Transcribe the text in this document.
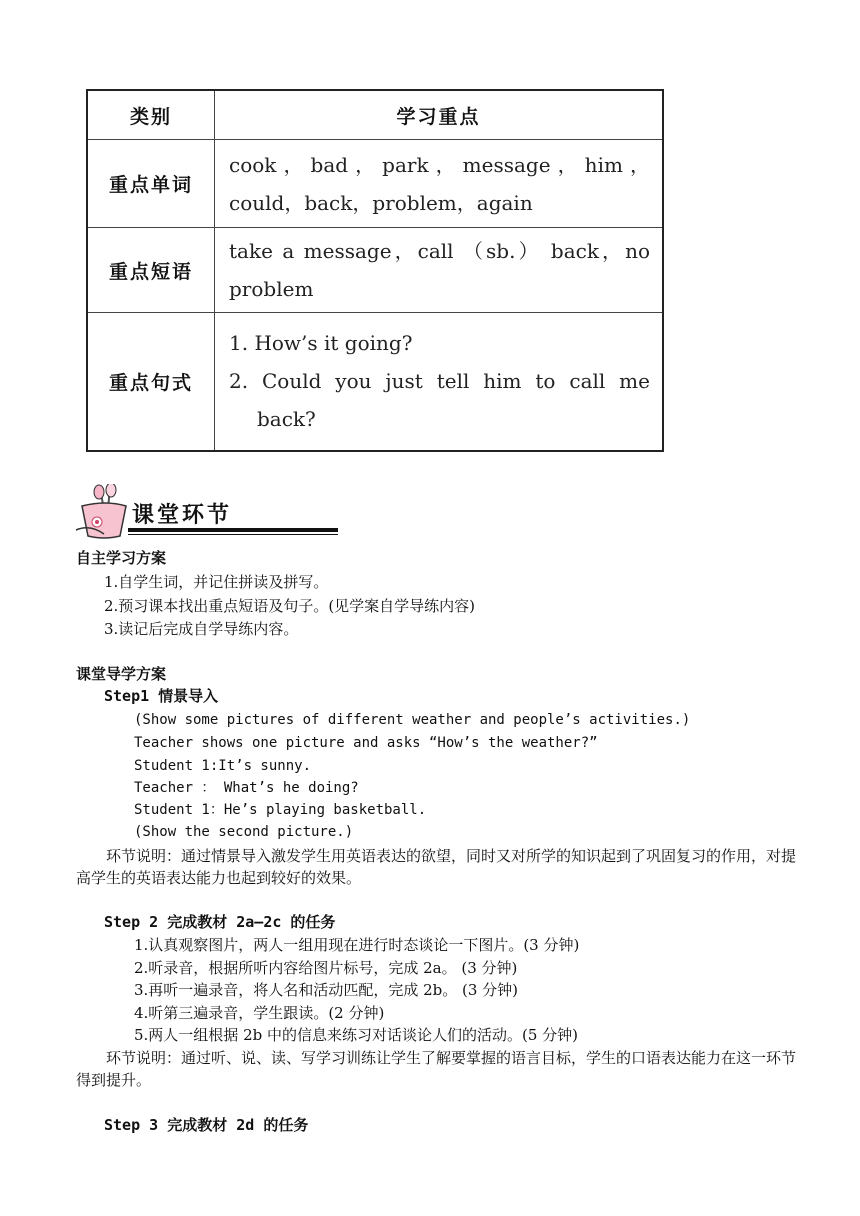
类别	学习重点
重点单词	cook，bad，park，message，him，could，back，problem，again
重点短语	take a message，call （sb.） back，no problem
重点句式	1. How’s it going?
2. Could you just tell him to call me back?
课堂环节
自主学习方案
1.自学生词，并记住拼读及拼写。
2.预习课本找出重点短语及句子。(见学案自学导练内容)
3.读记后完成自学导练内容。
课堂导学方案
Step1 情景导入
(Show some pictures of different weather and people’s activities.)
Teacher shows one picture and asks “How’s the weather?”
Student 1:It’s sunny.
Teacher ： What’s he doing?
Student 1：He’s playing basketball.
(Show the second picture.)
环节说明：通过情景导入激发学生用英语表达的欲望，同时又对所学的知识起到了巩固复习的作用，对提高学生的英语表达能力也起到较好的效果。
Step 2 完成教材 2a—2c 的任务
1.认真观察图片，两人一组用现在进行时态谈论一下图片。(3 分钟)
2.听录音，根据所听内容给图片标号，完成 2a。 (3 分钟)
3.再听一遍录音，将人名和活动匹配，完成 2b。 (3 分钟)
4.听第三遍录音，学生跟读。(2 分钟)
5.两人一组根据 2b 中的信息来练习对话谈论人们的活动。(5 分钟)
环节说明：通过听、说、读、写学习训练让学生了解要掌握的语言目标，学生的口语表达能力在这一环节得到提升。
Step 3 完成教材 2d 的任务
